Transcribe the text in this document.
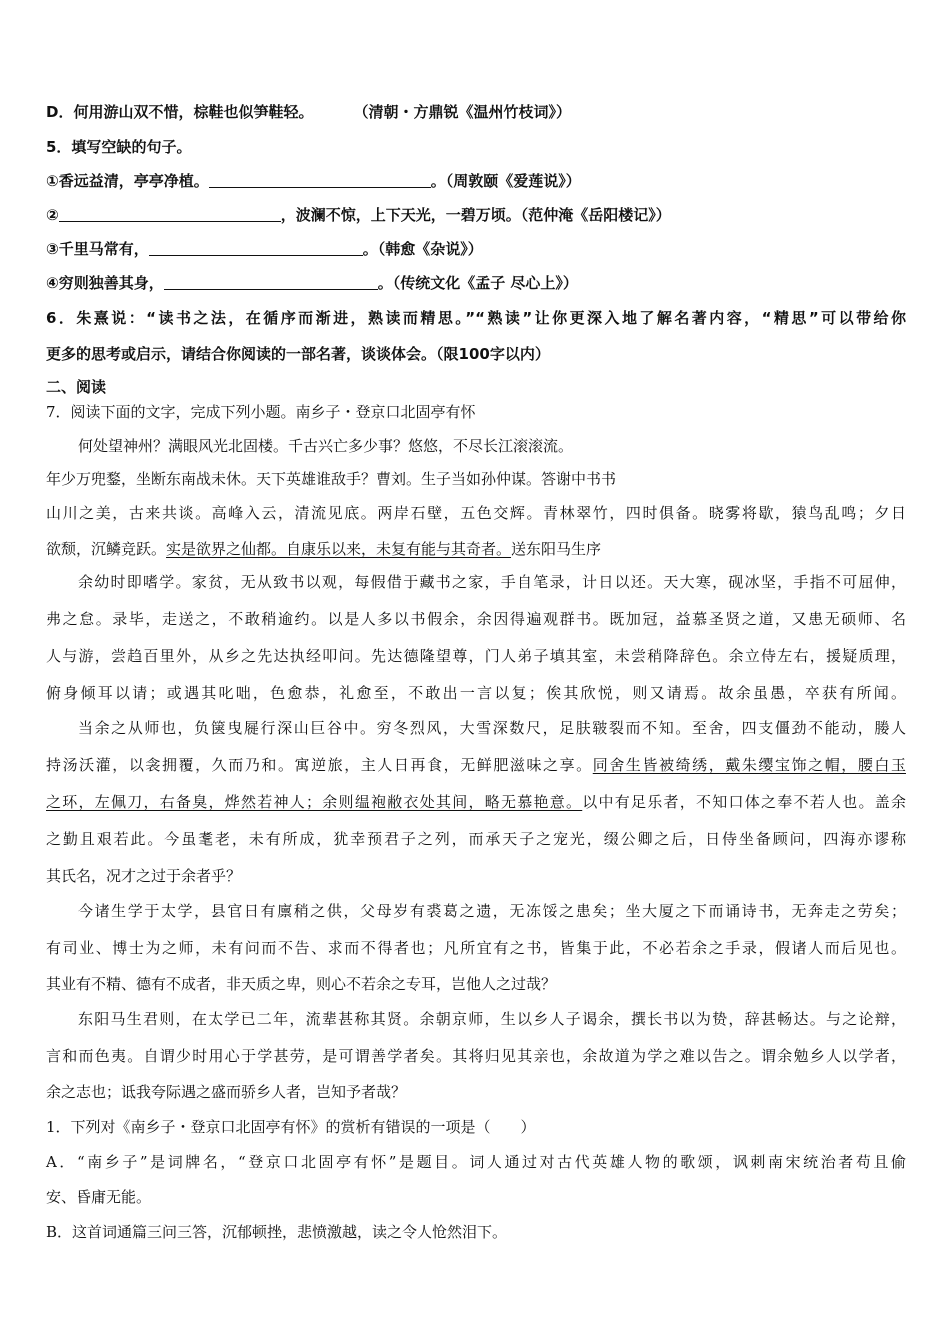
D．何用游山双不惜，棕鞋也似笋鞋轻。	（清朝・方鼎锐《温州竹枝词》）
5．填写空缺的句子。
①香远益清，亭亭净植。	。（周敦颐《爱莲说》）
②	，波澜不惊，上下天光，一碧万顷。（范仲淹《岳阳楼记》）
③千里马常有，	。（韩愈《杂说》）
④穷则独善其身，	。（传统文化《孟子 尽心上》）
6．朱熹说：“读书之法，在循序而渐进，熟读而精思。”“熟读”让你更深入地了解名著内容，“精思”可以带给你
更多的思考或启示，请结合你阅读的一部名著，谈谈体会。（限100字以内）
二、阅读
7．阅读下面的文字，完成下列小题。南乡子・登京口北固亭有怀
何处望神州？满眼风光北固楼。千古兴亡多少事？悠悠，不尽长江滚滚流。
年少万兜鍪，坐断东南战未休。天下英雄谁敌手？曹刘。生子当如孙仲谋。答谢中书书
山川之美，古来共谈。高峰入云，清流见底。两岸石壁，五色交辉。青林翠竹，四时俱备。晓雾将歇，猿鸟乱鸣；夕日
欲颓，沉鳞竞跃。实是欲界之仙都。自康乐以来，未复有能与其奇者。送东阳马生序
余幼时即嗜学。家贫，无从致书以观，每假借于藏书之家，手自笔录，计日以还。天大寒，砚冰坚，手指不可屈伸，
弗之怠。录毕，走送之，不敢稍逾约。以是人多以书假余，余因得遍观群书。既加冠，益慕圣贤之道，又患无硕师、名
人与游，尝趋百里外，从乡之先达执经叩问。先达德隆望尊，门人弟子填其室，未尝稍降辞色。余立侍左右，援疑质理，
俯身倾耳以请；或遇其叱咄，色愈恭，礼愈至，不敢出一言以复；俟其欣悦，则又请焉。故余虽愚，卒获有所闻。
当余之从师也，负箧曳屣行深山巨谷中。穷冬烈风，大雪深数尺，足肤皲裂而不知。至舍，四支僵劲不能动，媵人
持汤沃灌，以衾拥覆，久而乃和。寓逆旅，主人日再食，无鲜肥滋味之享。同舍生皆被绮绣，戴朱缨宝饰之帽，腰白玉
之环，左佩刀，右备臭，烨然若神人；余则缊袍敝衣处其间，略无慕艳意。以中有足乐者，不知口体之奉不若人也。盖余
之勤且艰若此。今虽耄老，未有所成，犹幸预君子之列，而承天子之宠光，缀公卿之后，日侍坐备顾问，四海亦谬称
其氏名，况才之过于余者乎？
今诸生学于太学，县官日有廪稍之供，父母岁有裘葛之遗，无冻馁之患矣；坐大厦之下而诵诗书，无奔走之劳矣；
有司业、博士为之师，未有问而不告、求而不得者也；凡所宜有之书，皆集于此，不必若余之手录，假诸人而后见也。
其业有不精、德有不成者，非天质之卑，则心不若余之专耳，岂他人之过哉？
东阳马生君则，在太学已二年，流辈甚称其贤。余朝京师，生以乡人子谒余，撰长书以为贽，辞甚畅达。与之论辩，
言和而色夷。自谓少时用心于学甚劳，是可谓善学者矣。其将归见其亲也，余故道为学之难以告之。谓余勉乡人以学者，
余之志也；诋我夸际遇之盛而骄乡人者，岂知予者哉？
1．下列对《南乡子・登京口北固亭有怀》的赏析有错误的一项是（　　）
A．“南乡子”是词牌名，“登京口北固亭有怀”是题目。词人通过对古代英雄人物的歌颂，讽刺南宋统治者苟且偷
安、昏庸无能。
B．这首词通篇三问三答，沉郁顿挫，悲愤激越，读之令人怆然泪下。
